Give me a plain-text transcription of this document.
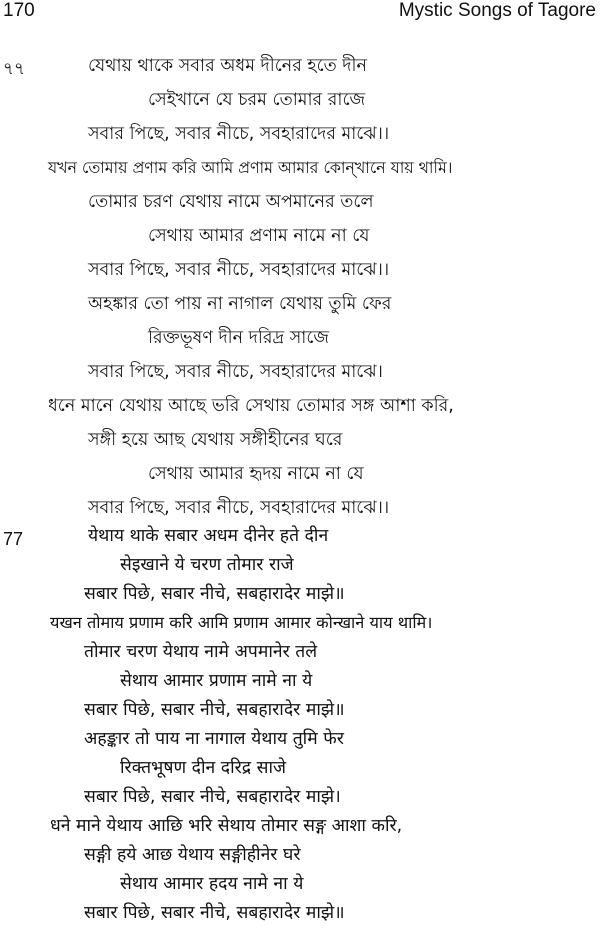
170	Mystic Songs of Tagore
৭৭	যেথায় থাকে সবার অধম দীনের হতে দীন
সেইখানে যে চরম তোমার রাজে
সবার পিছে, সবার নীচে, সবহারাদের মাঝে।।
যখন তোমায় প্রণাম করি আমি প্রণাম আমার কোন্‌খানে যায় থামি।
তোমার চরণ যেথায় নামে অপমানের তলে
সেথায় আমার প্রণাম নামে না যে
সবার পিছে, সবার নীচে, সবহারাদের মাঝে।।
অহঙ্কার তো পায় না নাগাল যেথায় তুমি ফের
রিক্তভূষণ দীন দরিদ্র সাজে
সবার পিছে, সবার নীচে, সবহারাদের মাঝে।
ধনে মানে যেথায় আছে ভরি সেথায় তোমার সঙ্গ আশা করি,
সঙ্গী হয়ে আছ যেথায় সঙ্গীহীনের ঘরে
সেথায় আমার হৃদয় নামে না যে
সবার পিছে, সবার নীচে, সবহারাদের মাঝে।।
77	येथाय थाके सबार अधम दीनेर हते दीन
सेइखाने ये चरण तोमार राजे
सबार पिछे, सबार नीचे, सबहारादेर माझे॥
यखन तोमाय प्रणाम करि आमि प्रणाम आमार कोन्खाने याय थामि।
तोमार चरण येथाय नामे अपमानेर तले
सेथाय आमार प्रणाम नामे ना ये
सबार पिछे, सबार नीचे, सबहारादेर माझे॥
अहङ्कार तो पाय ना नागाल येथाय तुमि फेर
रिक्तभूषण दीन दरिद्र साजे
सबार पिछे, सबार नीचे, सबहारादेर माझे।
धने माने येथाय आछि भरि सेथाय तोमार सङ्ग आशा करि,
सङ्गी हये आछ येथाय सङ्गीहीनेर घरे
सेथाय आमार हदय नामे ना ये
सबार पिछे, सबार नीचे, सबहारादेर माझे॥
